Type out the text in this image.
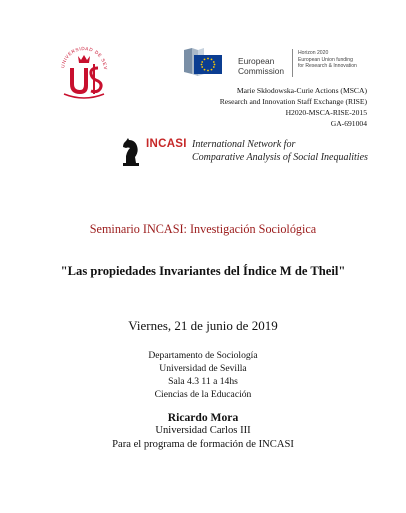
UNIVERSIDAD DE SEV
European
Commission
Horizon 2020
European Union funding
for Research & Innovation
Marie Skłodowska-Curie Actions (MSCA)
Research and Innovation Staff Exchange (RISE)
H2020-MSCA-RISE-2015
GA-691004
INCASI International Network for
Comparative Analysis of Social Inequalities
Seminario INCASI: Investigación Sociológica
"Las propiedades Invariantes del Índice M de Theil"
Viernes, 21 de junio de 2019
Departamento de Sociología
Universidad de Sevilla
Sala 4.3 11 a 14hs
Ciencias de la Educación
Ricardo Mora
Universidad Carlos III
Para el programa de formación de INCASI
